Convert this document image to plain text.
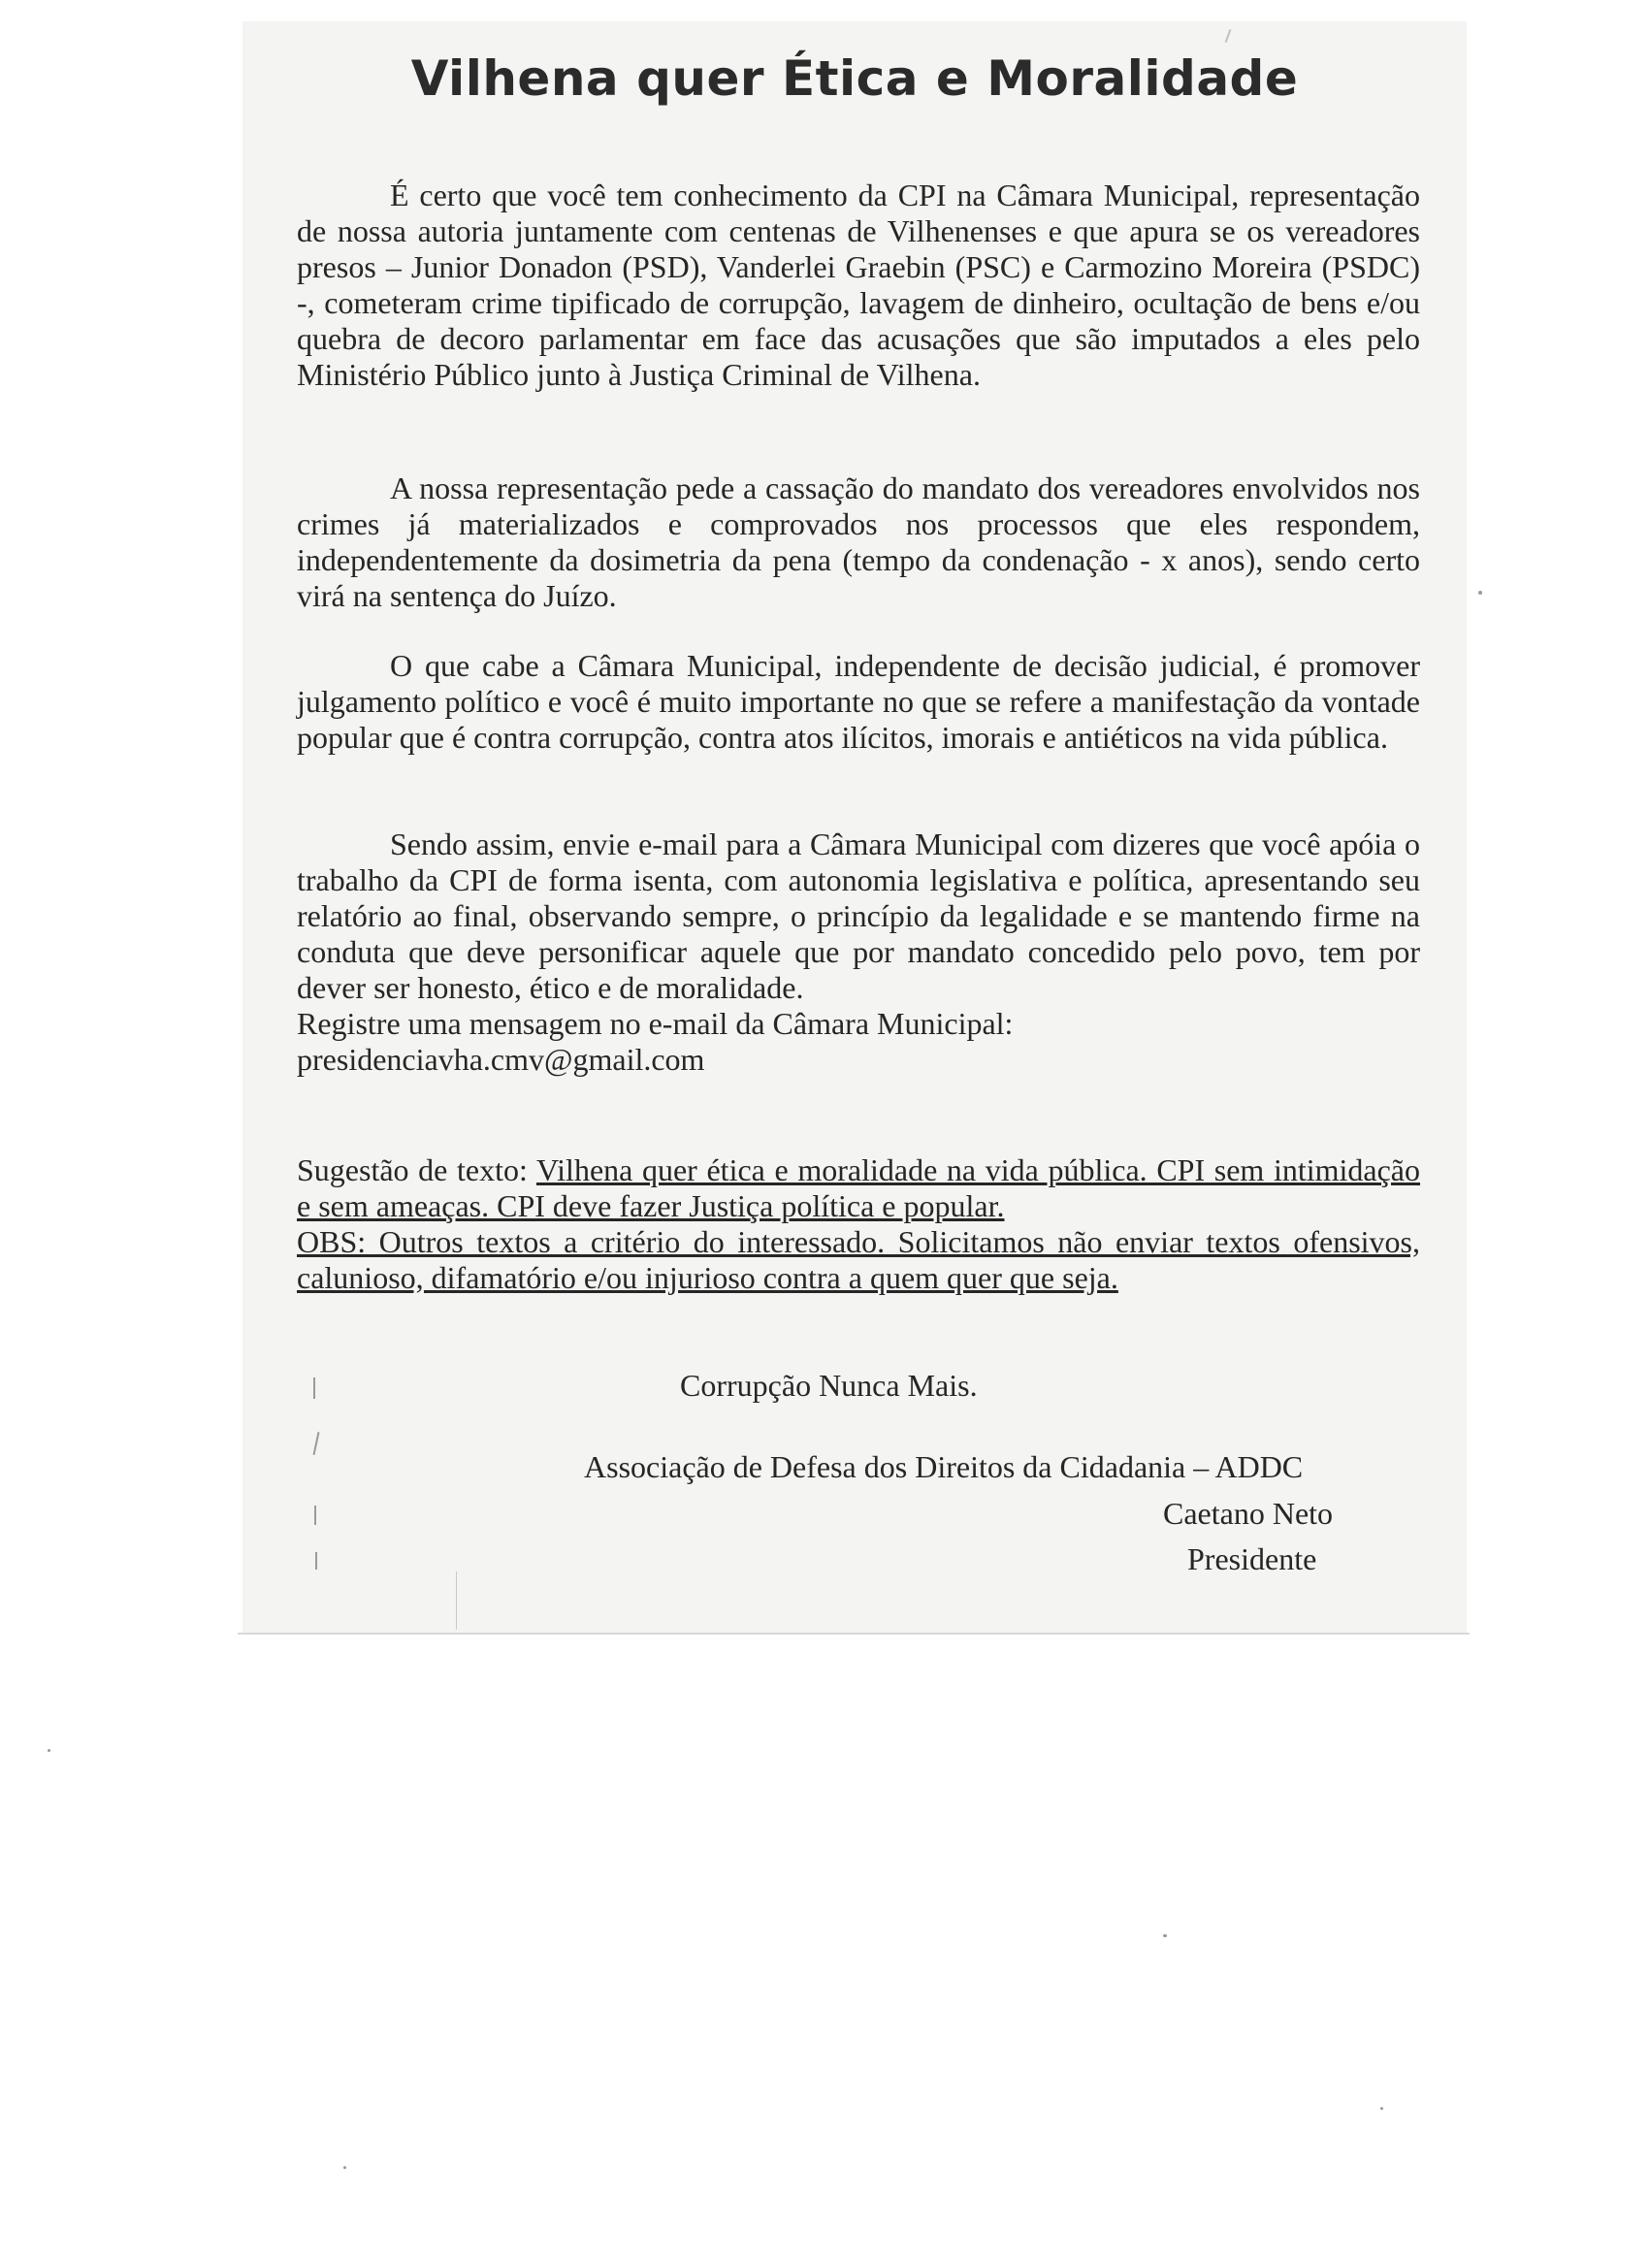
Vilhena quer Ética e Moralidade

É certo que você tem conhecimento da CPI na Câmara Municipal, representação de nossa autoria juntamente com centenas de Vilhenenses e que apura se os vereadores presos – Junior Donadon (PSD), Vanderlei Graebin (PSC) e Carmozino Moreira (PSDC) -, cometeram crime tipificado de corrupção, lavagem de dinheiro, ocultação de bens e/ou quebra de decoro parlamentar em face das acusações que são imputados a eles pelo Ministério Público junto à Justiça Criminal de Vilhena.

A nossa representação pede a cassação do mandato dos vereadores envolvidos nos crimes já materializados e comprovados nos processos que eles respondem, independentemente da dosimetria da pena (tempo da condenação - x anos), sendo certo virá na sentença do Juízo.

O que cabe a Câmara Municipal, independente de decisão judicial, é promover julgamento político e você é muito importante no que se refere a manifestação da vontade popular que é contra corrupção, contra atos ilícitos, imorais e antiéticos na vida pública.

Sendo assim, envie e-mail para a Câmara Municipal com dizeres que você apóia o trabalho da CPI de forma isenta, com autonomia legislativa e política, apresentando seu relatório ao final, observando sempre, o princípio da legalidade e se mantendo firme na conduta que deve personificar aquele que por mandato concedido pelo povo, tem por dever ser honesto, ético e de moralidade.
Registre uma mensagem no e-mail da Câmara Municipal:
presidenciavha.cmv@gmail.com
Sugestão de texto: Vilhena quer ética e moralidade na vida pública. CPI sem intimidação e sem ameaças. CPI deve fazer Justiça política e popular.
OBS: Outros textos a critério do interessado. Solicitamos não enviar textos ofensivos, calunioso, difamatório e/ou injurioso contra a quem quer que seja.
Corrupção Nunca Mais.
Associação de Defesa dos Direitos da Cidadania – ADDC
Caetano Neto
Presidente
